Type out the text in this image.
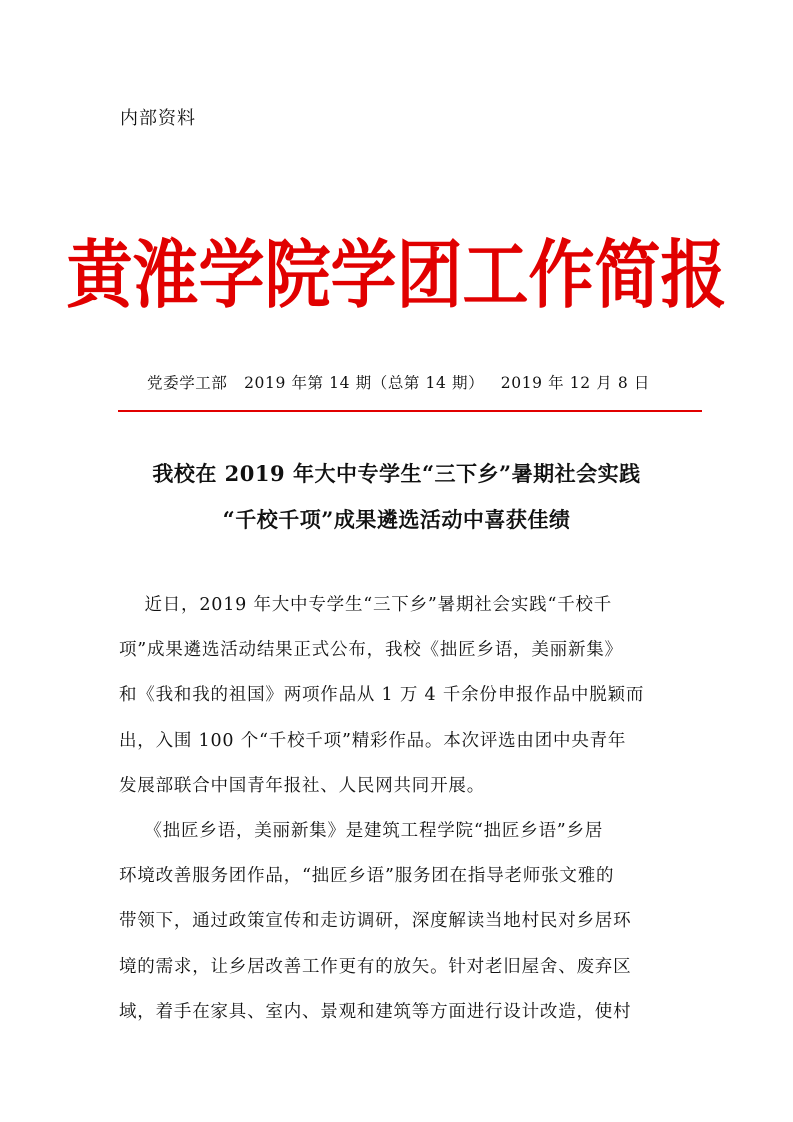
内部资料
黄淮学院学团工作简报
党委学工部   2019 年第 14 期（总第 14 期）   2019 年 12 月 8 日
我校在 2019 年大中专学生“三下乡”暑期社会实践
“千校千项”成果遴选活动中喜获佳绩
近日，2019 年大中专学生“三下乡”暑期社会实践“千校千
项”成果遴选活动结果正式公布，我校《拙匠乡语，美丽新集》
和《我和我的祖国》两项作品从 1 万 4 千余份申报作品中脱颖而
出，入围 100 个“千校千项”精彩作品。本次评选由团中央青年
发展部联合中国青年报社、人民网共同开展。
《拙匠乡语，美丽新集》是建筑工程学院“拙匠乡语”乡居
环境改善服务团作品，“拙匠乡语”服务团在指导老师张文雅的
带领下，通过政策宣传和走访调研，深度解读当地村民对乡居环
境的需求，让乡居改善工作更有的放矢。针对老旧屋舍、废弃区
域，着手在家具、室内、景观和建筑等方面进行设计改造，使村
